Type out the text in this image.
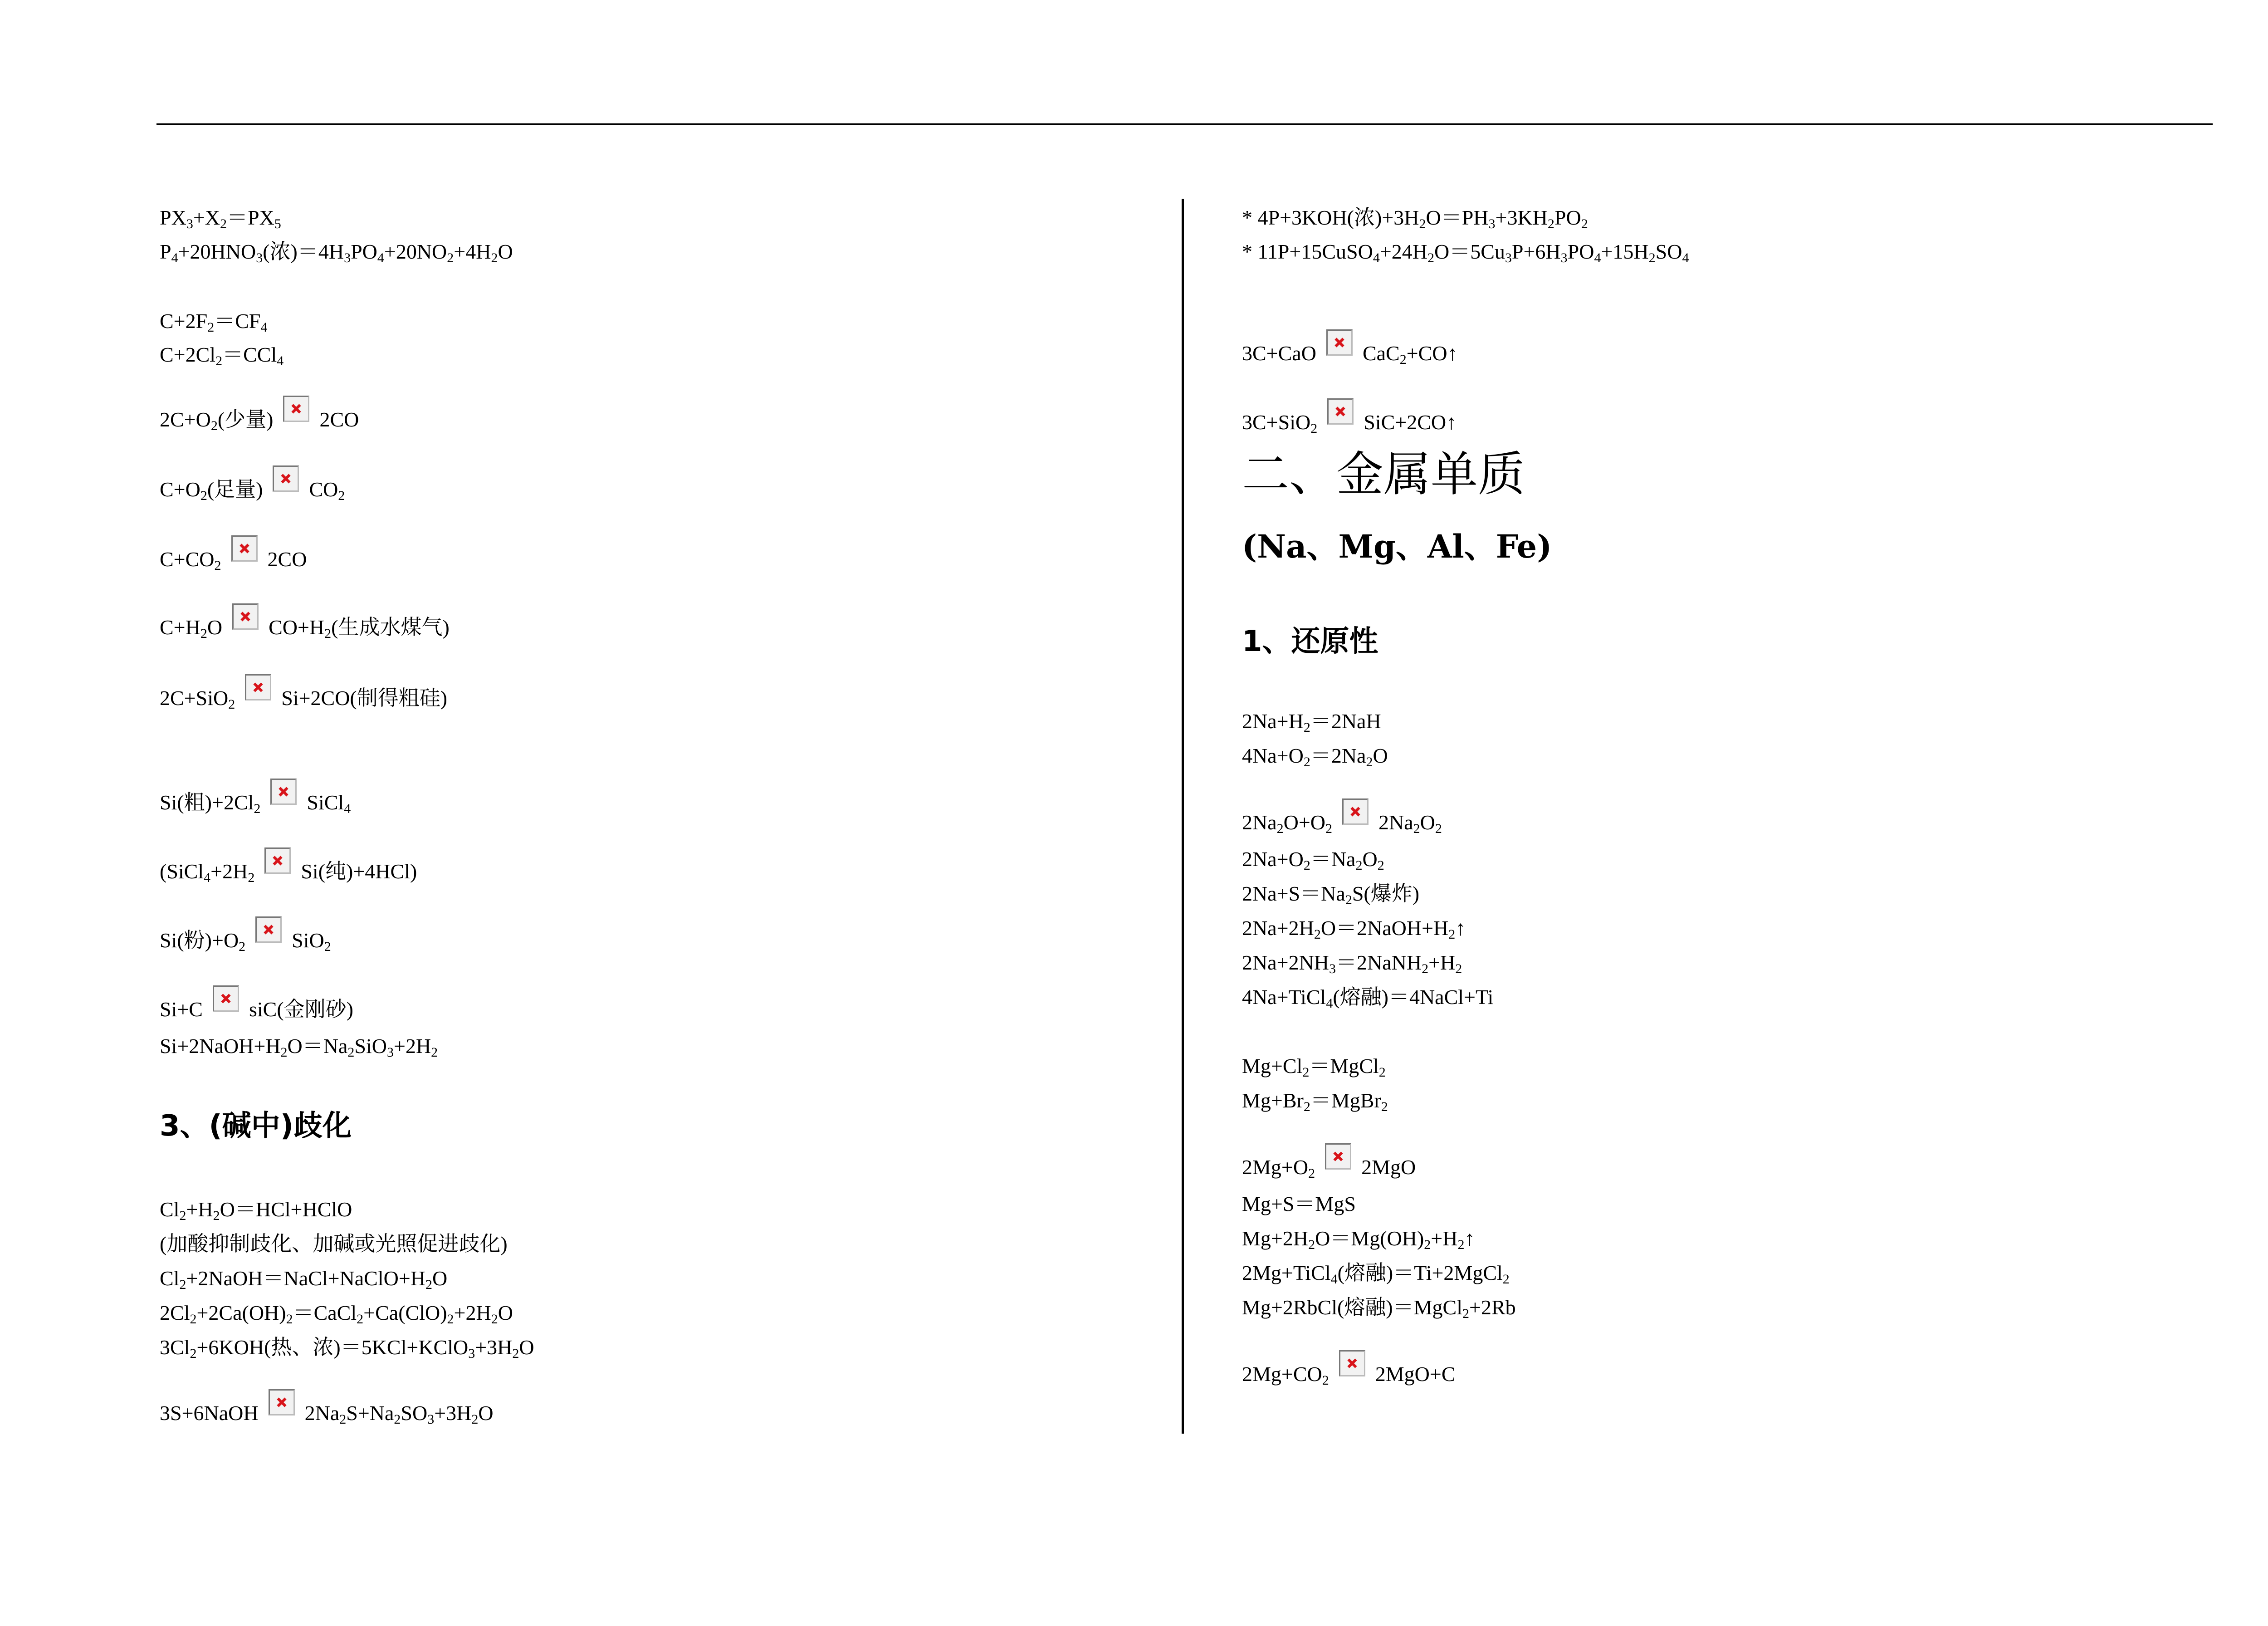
$PX_3+X_2=PX_5$
$P_4+20HNO_3$(浓)$=4H_3PO_4+20NO_2+4H_2O$
$C+2F_2=CF_4$
$C+2Cl_2=CCl_4$
$2C+O_2$(少量) 2CO
$C+O_2$(足量) $CO_2$
$C+CO_2$ 2CO
$C+H_2O$ $CO+H_2$(生成水煤气)
2C+SiO$_2$ Si+2CO(制得粗硅)
Si(粗)$+2Cl_2$ SiCl$_4$
($SiCl_4+2H_2$ Si(纯)+4HCl)
Si(粉)$+O_2$ SiO$_2$
Si+C siC(金刚砂)
$Si+2NaOH+H_2O=Na_2SiO_3+2H_2$
3、(碱中)歧化
$Cl_2+H_2O=HCl+HClO$
(加酸抑制歧化、加碱或光照促进歧化)
$Cl_2+2NaOH=NaCl+NaClO+H_2O$
$2Cl_2+2Ca(OH)_2=CaCl_2+Ca(ClO)_2+2H_2O$
$3Cl_2+6KOH$(热、浓)$=5KCl+KClO_3+3H_2O$
3S+6NaOH $2Na_2S+Na_2SO_3+3H_2O$
* 4P+3KOH(浓)$+3H_2O=PH_3+3KH_2PO_2$
* $11P+15CuSO_4+24H_2O=5Cu_3P+6H_3PO_4+15H_2SO_4$
3C+CaO CaC$_2$+CO↑
3C+SiO$_2$ SiC+2CO↑
二、金属单质
(Na、Mg、Al、Fe)
1、还原性
$2Na+H_2=2NaH$
$4Na+O_2=2Na_2O$
$2Na_2O+O_2$ $2Na_2O_2$
$2Na+O_2=Na_2O_2$
$2Na+S=Na_2S$(爆炸)
$2Na+2H_2O=2NaOH+H_2↑$
$2Na+2NH_3=2NaNH_2+H_2$
4Na+TiCl$_4$(熔融)＝4NaCl+Ti
$Mg+Cl_2=MgCl_2$
$Mg+Br_2=MgBr_2$
$2Mg+O_2$ 2MgO
Mg+S＝MgS
$Mg+2H_2O=Mg(OH)_2+H_2↑$
2Mg+TiCl$_4$(熔融)＝Ti+2MgCl$_2$
Mg+2RbCl(熔融)＝MgCl$_2$+2Rb
$2Mg+CO_2$ 2MgO+C
